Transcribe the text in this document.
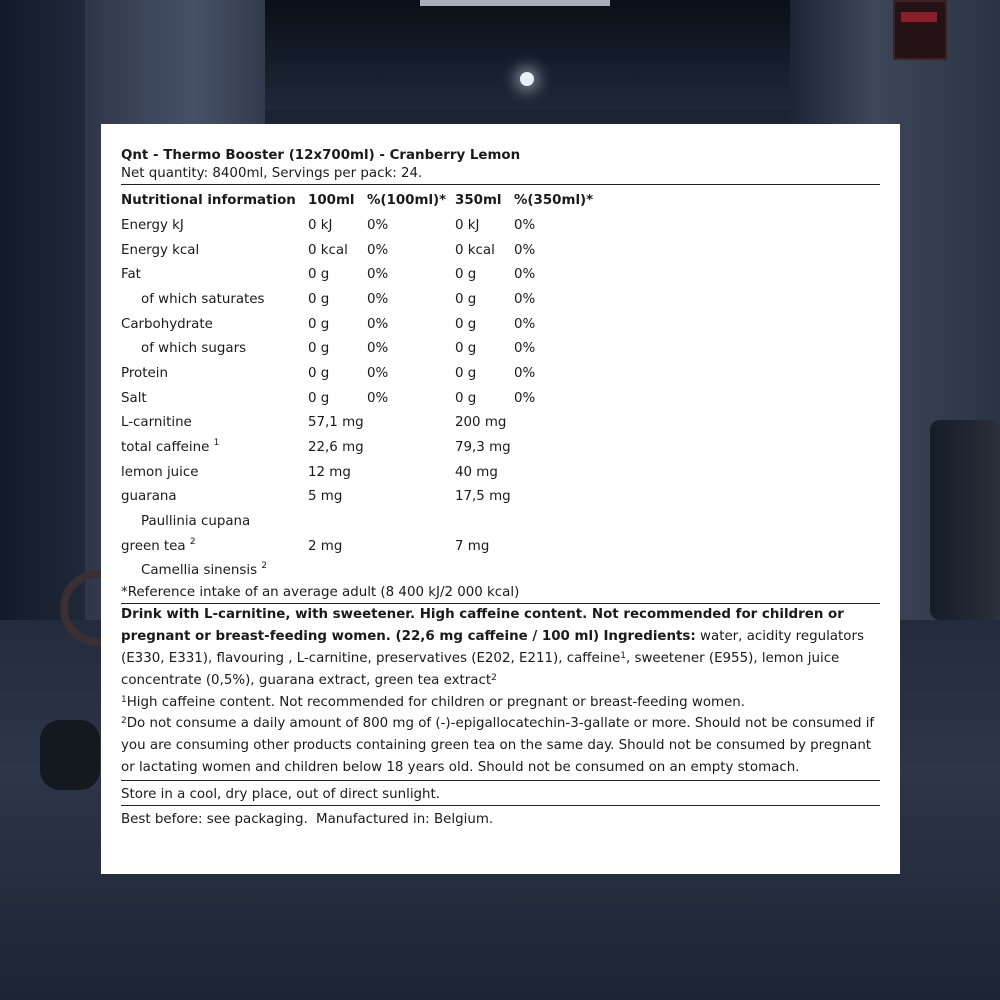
Qnt - Thermo Booster (12x700ml) - Cranberry Lemon
Net quantity: 8400ml, Servings per pack: 24.
Nutritional information	100ml	%(100ml)*	350ml	%(350ml)*
Energy kJ	0 kJ	0%	0 kJ	0%
Energy kcal	0 kcal	0%	0 kcal	0%
Fat	0 g	0%	0 g	0%
of which saturates	0 g	0%	0 g	0%
Carbohydrate	0 g	0%	0 g	0%
of which sugars	0 g	0%	0 g	0%
Protein	0 g	0%	0 g	0%
Salt	0 g	0%	0 g	0%
L-carnitine	57,1 mg		200 mg	
total caffeine $^1$	22,6 mg		79,3 mg	
lemon juice	12 mg		40 mg	
guarana	5 mg		17,5 mg	
Paullinia cupana				
green tea $^2$	2 mg		7 mg	
Camellia sinensis $^2$				
*Reference intake of an average adult (8 400 kJ/2 000 kcal)
Drink with L-carnitine, with sweetener. High caffeine content. Not recommended for children or pregnant or breast-feeding women. (22,6 mg caffeine / 100 ml) Ingredients: water, acidity regulators (E330, E331), flavouring , L-carnitine, preservatives (E202, E211), caffeine$^1$, sweetener (E955), lemon juice concentrate (0,5%), guarana extract, green tea extract$^2$
$^1$High caffeine content. Not recommended for children or pregnant or breast-feeding women.
$^2$Do not consume a daily amount of 800 mg of (-)-epigallocatechin-3-gallate or more. Should not be consumed if you are consuming other products containing green tea on the same day. Should not be consumed by pregnant or lactating women and children below 18 years old. Should not be consumed on an empty stomach.
Store in a cool, dry place, out of direct sunlight.
Best before: see packaging. Manufactured in: Belgium.
